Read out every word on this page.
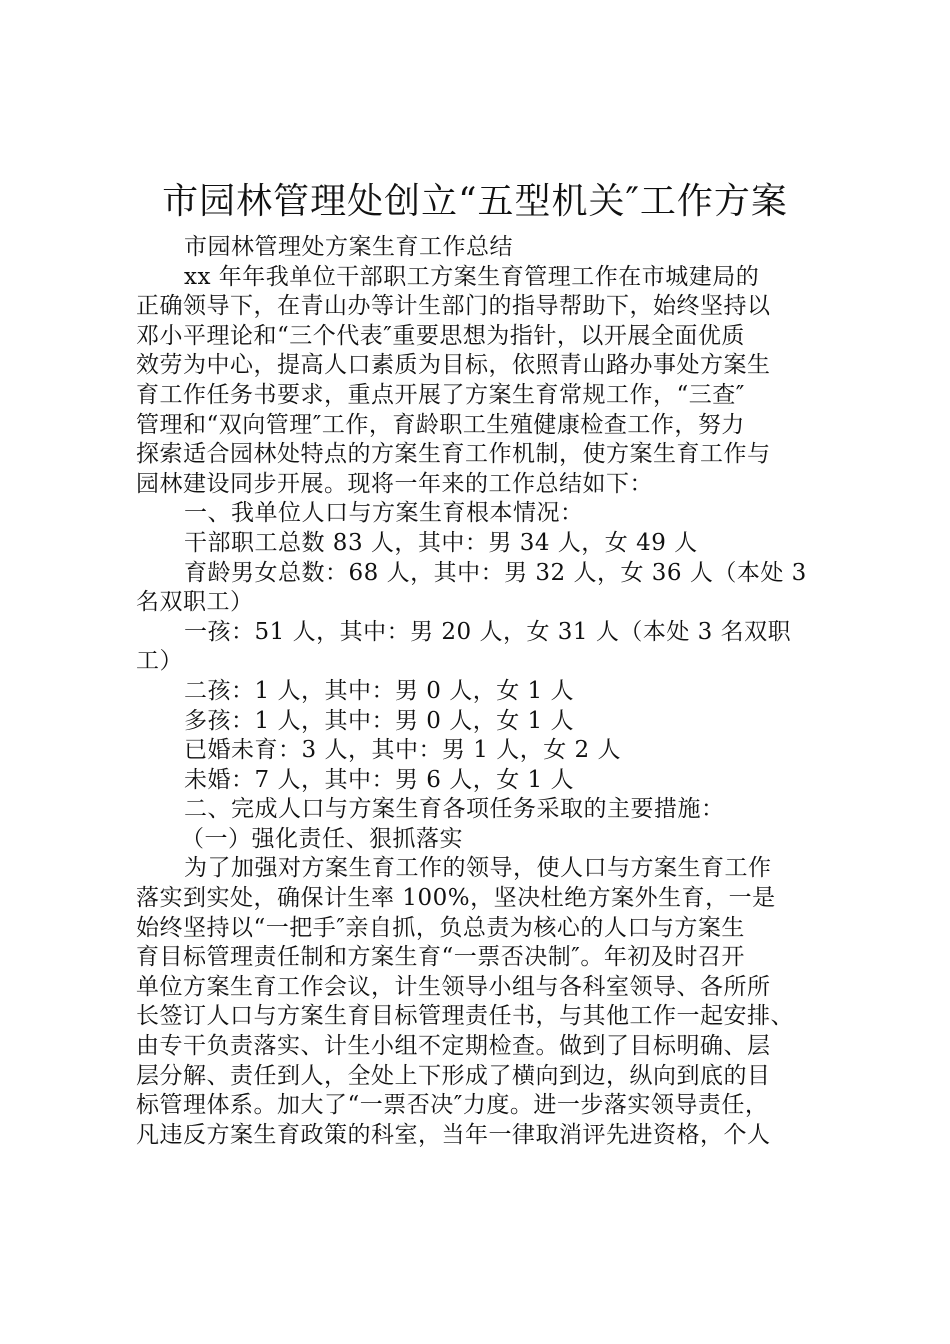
市园林管理处创立“五型机关″工作方案
市园林管理处方案生育工作总结
xx 年年我单位干部职工方案生育管理工作在市城建局的
正确领导下，在青山办等计生部门的指导帮助下，始终坚持以
邓小平理论和“三个代表″重要思想为指针，以开展全面优质
效劳为中心，提高人口素质为目标，依照青山路办事处方案生
育工作任务书要求，重点开展了方案生育常规工作，“三查″
管理和“双向管理″工作，育龄职工生殖健康检查工作，努力
探索适合园林处特点的方案生育工作机制，使方案生育工作与
园林建设同步开展。现将一年来的工作总结如下：
一、我单位人口与方案生育根本情况：
干部职工总数 83 人，其中：男 34 人，女 49 人
育龄男女总数：68 人，其中：男 32 人，女 36 人（本处 3
名双职工）
一孩：51 人，其中：男 20 人，女 31 人（本处 3 名双职
工）
二孩：1 人，其中：男 0 人，女 1 人
多孩：1 人，其中：男 0 人，女 1 人
已婚未育：3 人，其中：男 1 人，女 2 人
未婚：7 人，其中：男 6 人，女 1 人
二、完成人口与方案生育各项任务采取的主要措施：
（一）强化责任、狠抓落实
为了加强对方案生育工作的领导，使人口与方案生育工作
落实到实处，确保计生率 100%，坚决杜绝方案外生育，一是
始终坚持以“一把手″亲自抓，负总责为核心的人口与方案生
育目标管理责任制和方案生育“一票否决制″。年初及时召开
单位方案生育工作会议，计生领导小组与各科室领导、各所所
长签订人口与方案生育目标管理责任书，与其他工作一起安排、
由专干负责落实、计生小组不定期检查。做到了目标明确、层
层分解、责任到人，全处上下形成了横向到边，纵向到底的目
标管理体系。加大了“一票否决″力度。进一步落实领导责任，
凡违反方案生育政策的科室，当年一律取消评先进资格，个人
